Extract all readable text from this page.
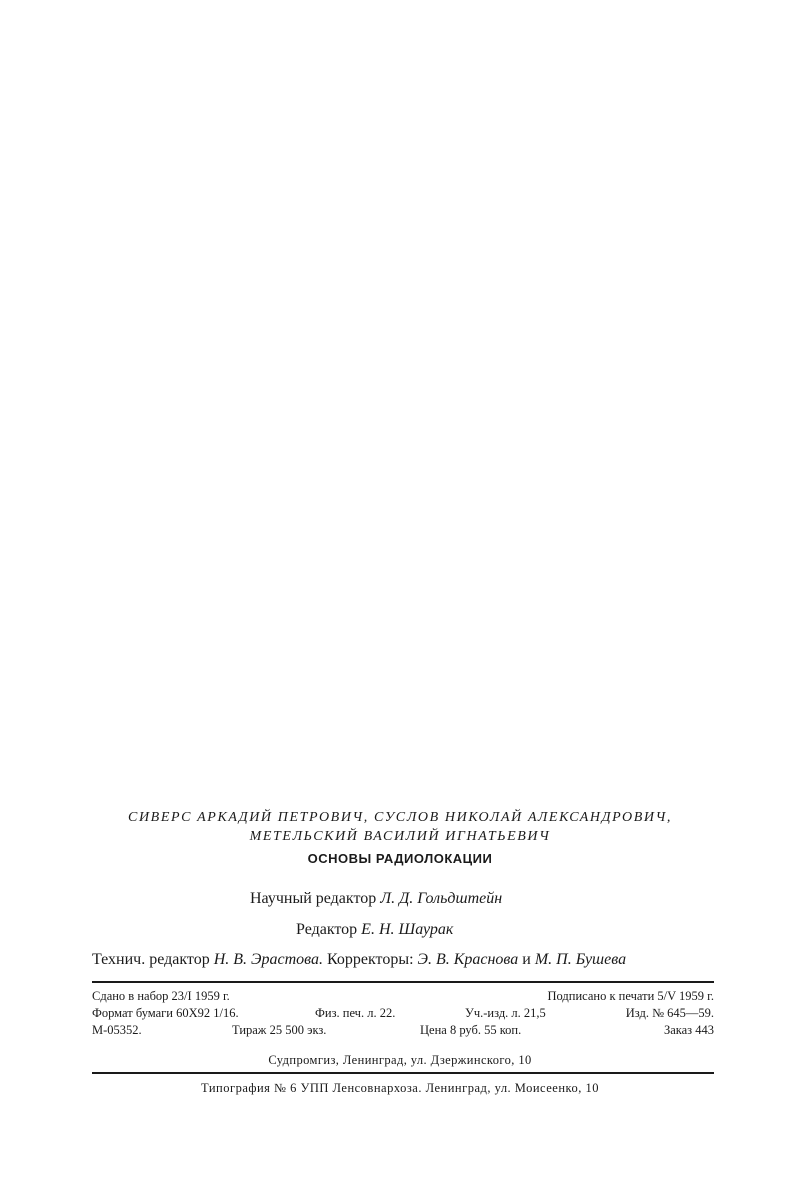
СИВЕРС АРКАДИЙ ПЕТРОВИЧ, СУСЛОВ НИКОЛАЙ АЛЕКСАНДРОВИЧ,
МЕТЕЛЬСКИЙ ВАСИЛИЙ ИГНАТЬЕВИЧ
ОСНОВЫ РАДИОЛОКАЦИИ
Научный редактор Л. Д. Гольдштейн
Редактор Е. Н. Шаурак
Технич. редактор Н. В. Эрастова. Корректоры: Э. В. Краснова и М. П. Бушева
Сдано в набор 23/I 1959 г.	Подписано к печати 5/V 1959 г.
Формат бумаги 60X92 1/16.	Физ. печ. л. 22.	Уч.-изд. л. 21,5	Изд. № 645—59.
М-05352.	Тираж 25 500 экз.	Цена 8 руб. 55 коп.	Заказ 443
Судпромгиз, Ленинград, ул. Дзержинского, 10
Типография № 6 УПП Ленсовнархоза. Ленинград, ул. Моисеенко, 10
